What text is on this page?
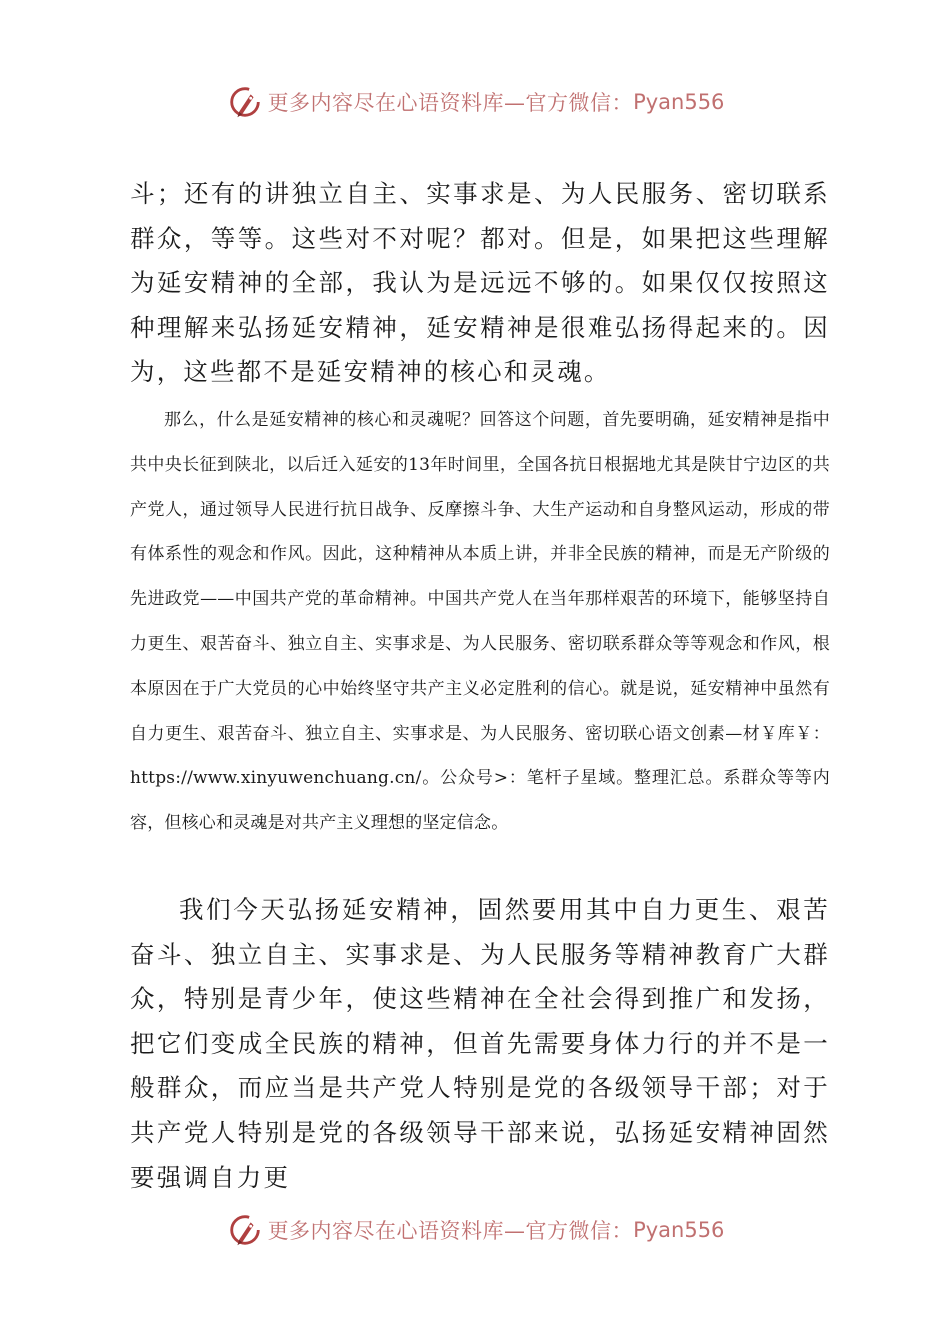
更多内容尽在心语资料库—官方微信： Pyan556

斗；还有的讲独立自主、实事求是、为人民服务、密切联系群众，等等。这些对不对呢？都对。但是，如果把这些理解为延安精神的全部，我认为是远远不够的。如果仅仅按照这种理解来弘扬延安精神，延安精神是很难弘扬得起来的。因为，这些都不是延安精神的核心和灵魂。

那么，什么是延安精神的核心和灵魂呢？回答这个问题，首先要明确，延安精神是指中共中央长征到陕北，以后迁入延安的13年时间里，全国各抗日根据地尤其是陕甘宁边区的共产党人，通过领导人民进行抗日战争、反摩擦斗争、大生产运动和自身整风运动，形成的带有体系性的观念和作风。因此，这种精神从本质上讲，并非全民族的精神，而是无产阶级的先进政党——中国共产党的革命精神。中国共产党人在当年那样艰苦的环境下，能够坚持自力更生、艰苦奋斗、独立自主、实事求是、为人民服务、密切联系群众等等观念和作风，根本原因在于广大党员的心中始终坚守共产主义必定胜利的信心。就是说，延安精神中虽然有自力更生、艰苦奋斗、独立自主、实事求是、为人民服务、密切联心语文创素—材￥库￥：https://www.xinyuwenchuang.cn/。公众号>：笔杆子星域。整理汇总。系群众等等内容，但核心和灵魂是对共产主义理想的坚定信念。

我们今天弘扬延安精神，固然要用其中自力更生、艰苦奋斗、独立自主、实事求是、为人民服务等精神教育广大群众，特别是青少年，使这些精神在全社会得到推广和发扬，把它们变成全民族的精神，但首先需要身体力行的并不是一般群众，而应当是共产党人特别是党的各级领导干部；对于共产党人特别是党的各级领导干部来说，弘扬延安精神固然要强调自力更

更多内容尽在心语资料库—官方微信： Pyan556
